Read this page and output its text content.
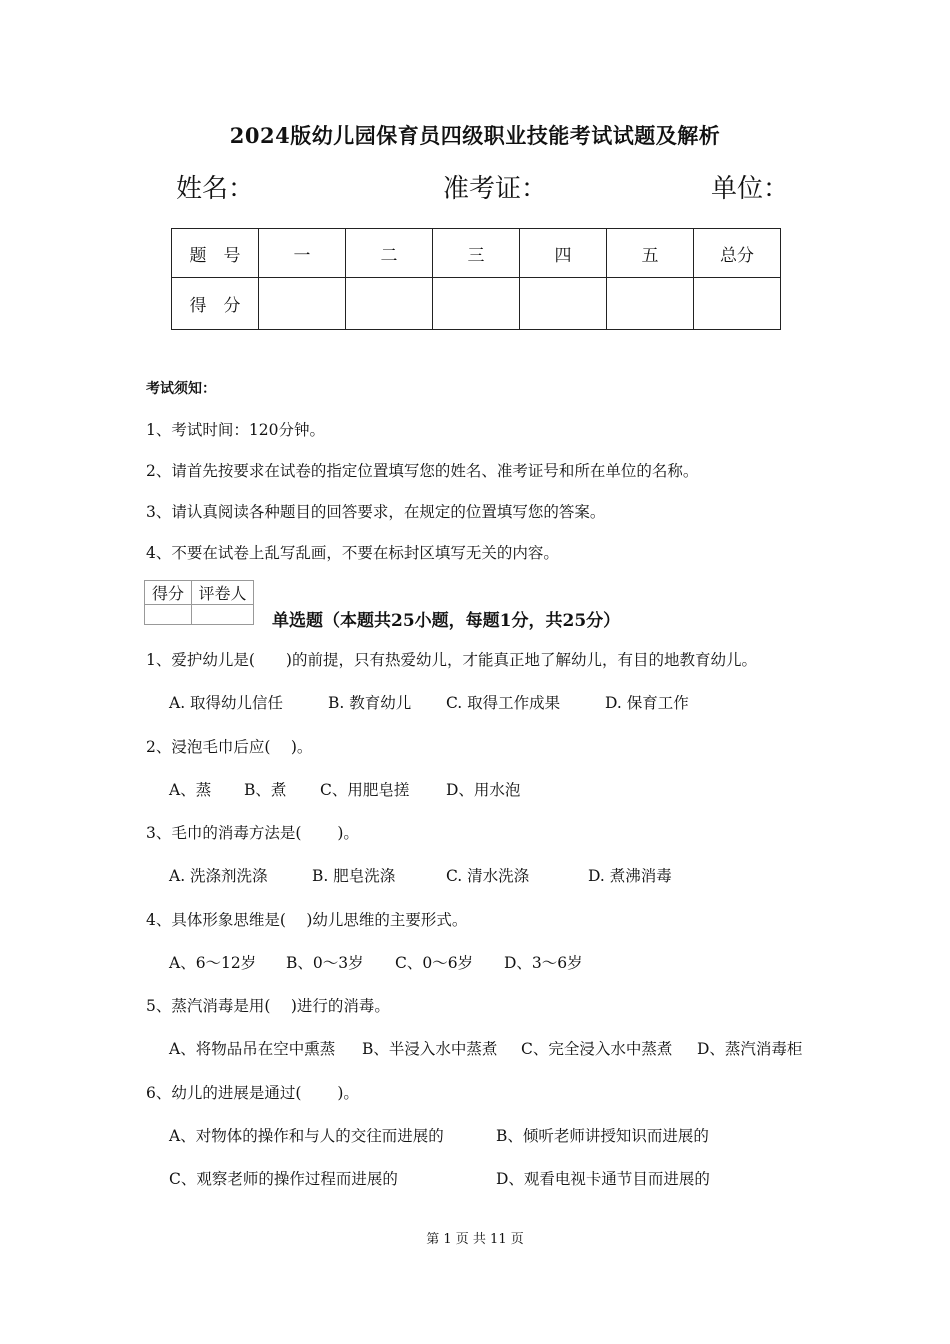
2024版幼儿园保育员四级职业技能考试试题及解析
姓名：	准考证：	单位：
题　号	一	二	三	四	五	总分
得　分						
考试须知：
1、考试时间：120分钟。
2、请首先按要求在试卷的指定位置填写您的姓名、准考证号和所在单位的名称。
3、请认真阅读各种题目的回答要求，在规定的位置填写您的答案。
4、不要在试卷上乱写乱画，不要在标封区填写无关的内容。
得分	评卷人

单选题（本题共25小题，每题1分，共25分）
1、爱护幼儿是(　　)的前提，只有热爱幼儿，才能真正地了解幼儿，有目的地教育幼儿。
A. 取得幼儿信任	B. 教育幼儿 C. 取得工作成果	D. 保育工作
2、浸泡毛巾后应(　 )。
A、蒸 B、煮 C、用肥皂搓 D、用水泡
3、毛巾的消毒方法是(　　 )。
A. 洗涤剂洗涤	B. 肥皂洗涤	C. 清水洗涤	D. 煮沸消毒
4、具体形象思维是(　 )幼儿思维的主要形式。
A、6～12岁 B、0～3岁 C、0～6岁 D、3～6岁
5、蒸汽消毒是用(　 )进行的消毒。
A、将物品吊在空中熏蒸 B、半浸入水中蒸煮 C、完全浸入水中蒸煮 D、蒸汽消毒柜
6、幼儿的进展是通过(　　 )。
A、对物体的操作和与人的交往而进展的	B、倾听老师讲授知识而进展的
C、观察老师的操作过程而进展的	D、观看电视卡通节目而进展的
第 1 页 共 11 页
